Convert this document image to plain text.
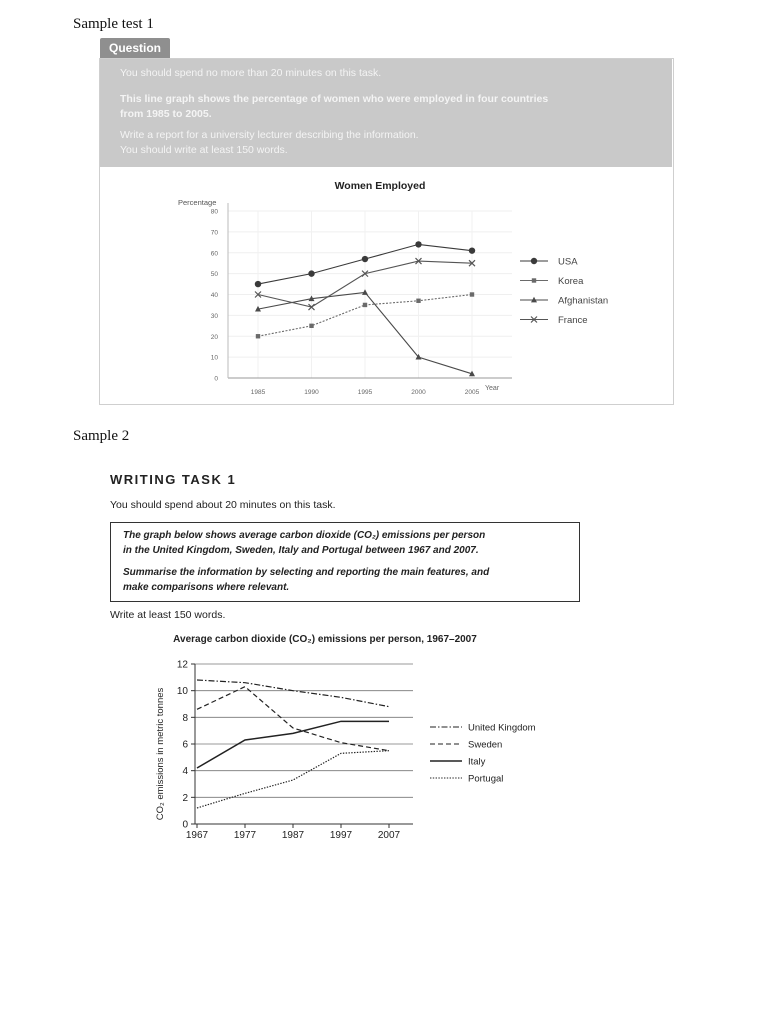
Sample test 1
Question
You should spend no more than 20 minutes on this task.
This line graph shows the percentage of women who were employed in four countries
from 1985 to 2005.
Write a report for a university lecturer describing the information.
You should write at least 150 words.
Women Employed
Percentage
0
10
20
30
40
50
60
70
80
1985	1990	1995	2000	2005
Year
USA
Korea
Afghanistan
France
Sample 2
WRITING TASK 1
You should spend about 20 minutes on this task.

The graph below shows average carbon dioxide (CO₂) emissions per person

in the United Kingdom, Sweden, Italy and Portugal between 1967 and 2007.

Summarise the information by selecting and reporting the main features, and

make comparisons where relevant.

Write at least 150 words.
Average carbon dioxide (CO₂) emissions per person, 1967–2007
0
2
4
6
8
10
12
1967	1977	1987	1997	2007
CO₂ emissions in metric tonnes	United Kingdom
Sweden
Italy
Portugal
